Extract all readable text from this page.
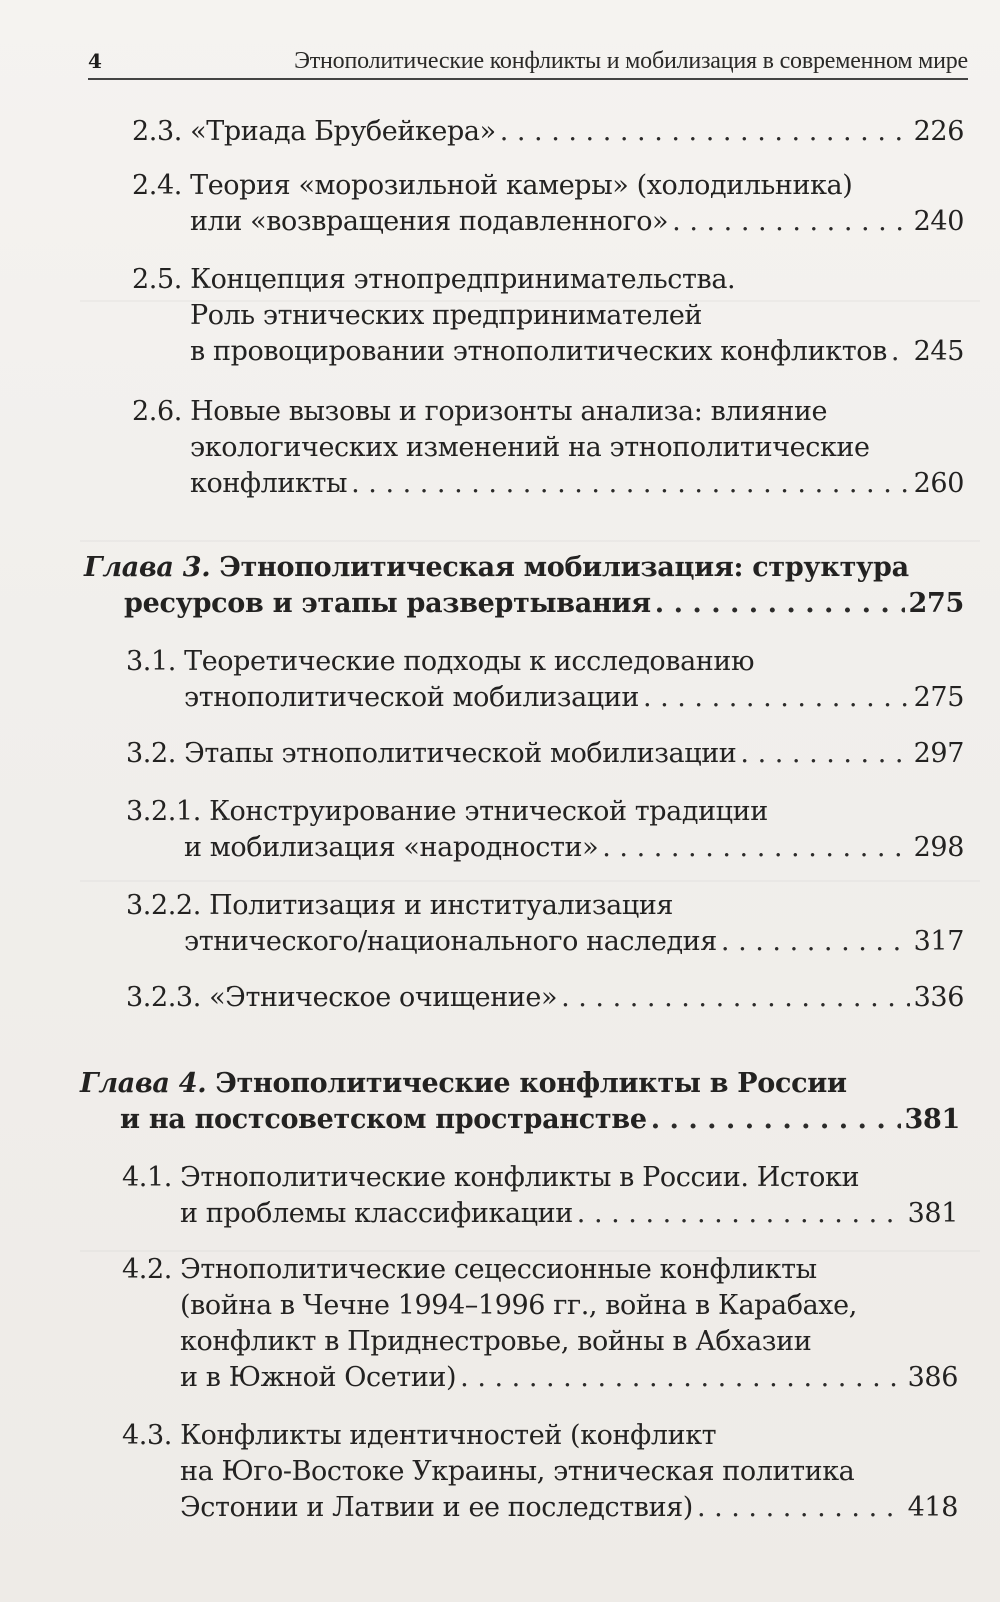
4	Этнополитические конфликты и мобилизация в современном мире
2.3. «Триада Брубейкера» . . .	226
2.4. Теория «морозильной камеры» (холодильника)
или «возвращения подавленного» . . .	240
2.5. Концепция этнопредпринимательства.
Роль этнических предпринимателей
в провоцировании этнополитических конфликтов . . . 245
2.6. Новые вызовы и горизонты анализа: влияние
экологических изменений на этнополитические
конфликты . . .	260
Глава 3. Этнополитическая мобилизация: структура
ресурсов и этапы развертывания . . .	275
3.1. Теоретические подходы к исследованию
этнополитической мобилизации . . .	275
3.2. Этапы этнополитической мобилизации . . .	297
3.2.1. Конструирование этнической традиции
и мобилизация «народности» . . .	298
3.2.2. Политизация и институализация
этнического/национального наследия . . .	317
3.2.3. «Этническое очищение» . . .	336
Глава 4. Этнополитические конфликты в России
и на постсоветском пространстве . . .	381
4.1. Этнополитические конфликты в России. Истоки
и проблемы классификации . . .	381
4.2. Этнополитические сецессионные конфликты
(война в Чечне 1994–1996 гг., война в Карабахе,
конфликт в Приднестровье, войны в Абхазии
и в Южной Осетии) . . .	386
4.3. Конфликты идентичностей (конфликт
на Юго-Востоке Украины, этническая политика
Эстонии и Латвии и ее последствия) . . .	418
